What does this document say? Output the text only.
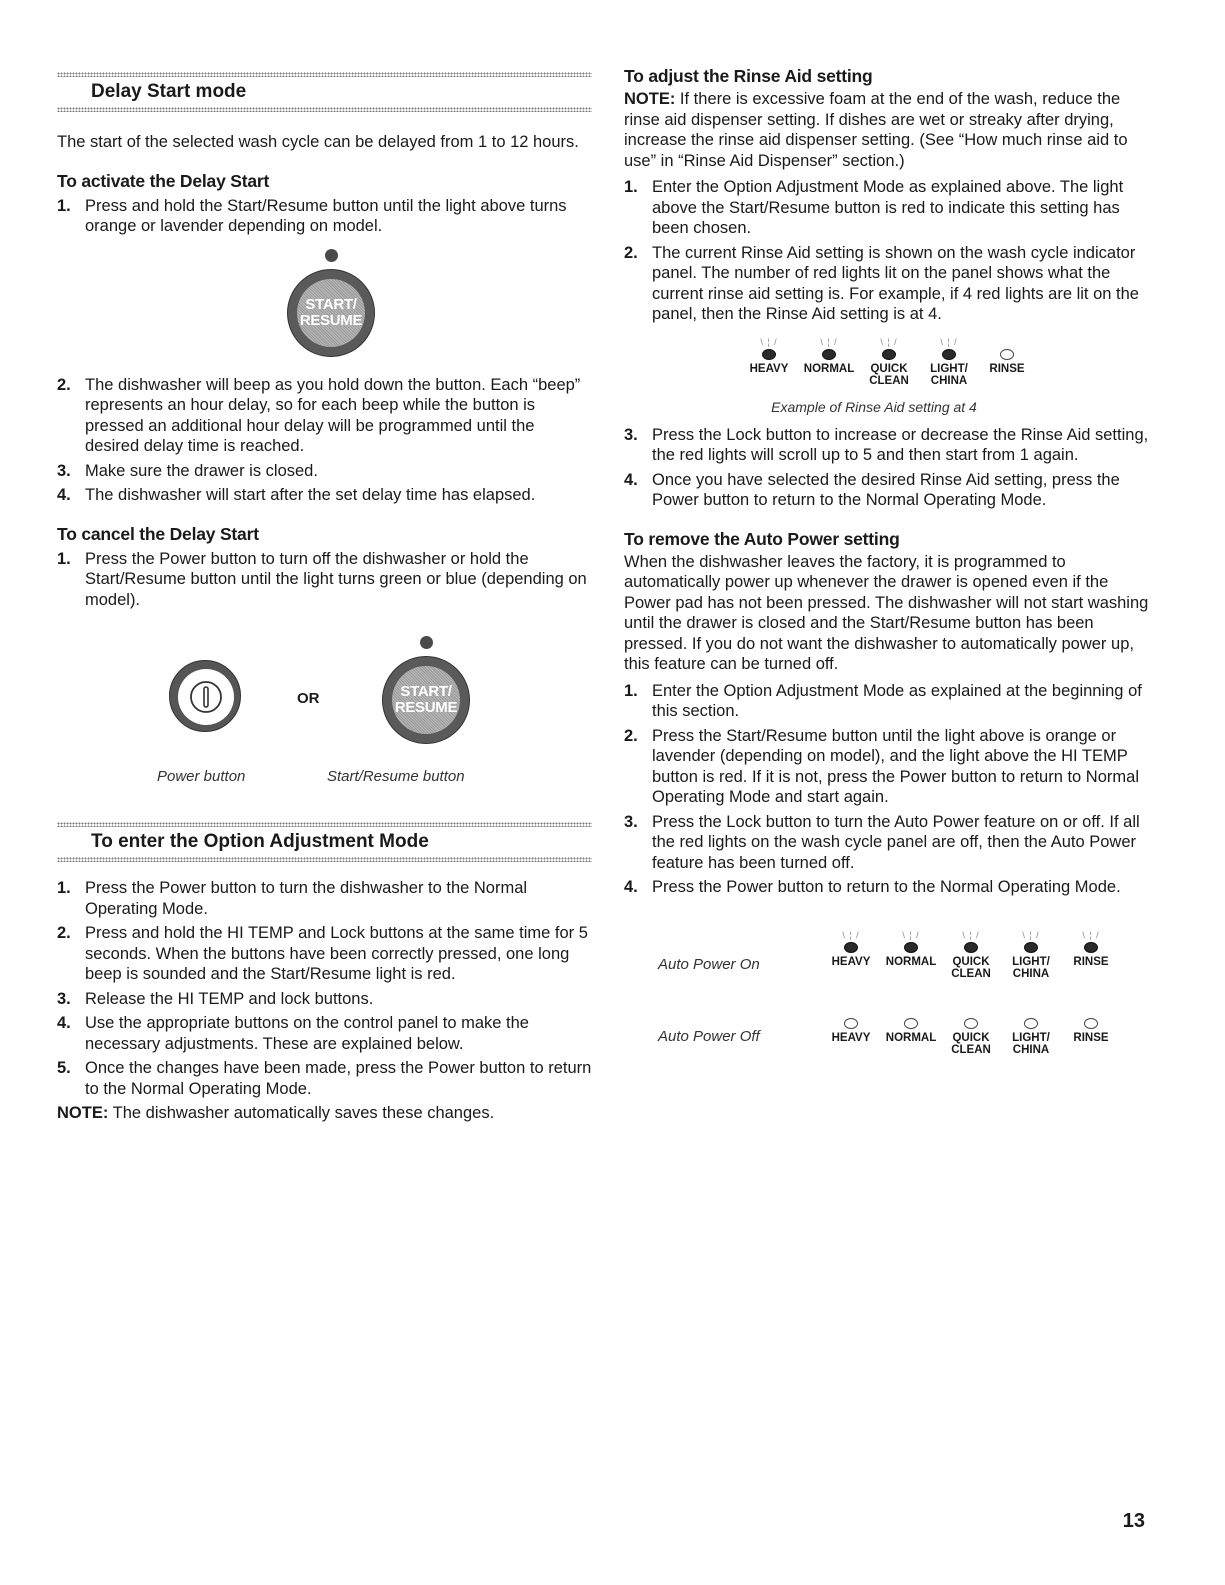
Delay Start mode

The start of the selected wash cycle can be delayed from 1 to 12 hours.

To activate the Delay Start
1. Press and hold the Start/Resume button until the light above turns orange or lavender depending on model.
START/
RESUME
2. The dishwasher will beep as you hold down the button. Each “beep” represents an hour delay, so for each beep while the button is pressed an additional hour delay will be programmed until the desired delay time is reached.
3. Make sure the drawer is closed.
4. The dishwasher will start after the set delay time has elapsed.
To cancel the Delay Start
1. Press the Power button to turn off the dishwasher or hold the Start/Resume button until the light turns green or blue (depending on model).
OR	START/
RESUME
Power button	Start/Resume button
To enter the Option Adjustment Mode
1. Press the Power button to turn the dishwasher to the Normal Operating Mode.
2. Press and hold the HI TEMP and Lock buttons at the same time for 5 seconds. When the buttons have been correctly pressed, one long beep is sounded and the Start/Resume light is red.
3. Release the HI TEMP and lock buttons.
4. Use the appropriate buttons on the control panel to make the necessary adjustments. These are explained below.
5. Once the changes have been made, press the Power button to return to the Normal Operating Mode.

NOTE: The dishwasher automatically saves these changes.

To adjust the Rinse Aid setting

NOTE: If there is excessive foam at the end of the wash, reduce the rinse aid dispenser setting. If dishes are wet or streaky after drying, increase the rinse aid dispenser setting. (See “How much rinse aid to use” in “Rinse Aid Dispenser” section.)

1. Enter the Option Adjustment Mode as explained above. The light above the Start/Resume button is red to indicate this setting has been chosen.
2. The current Rinse Aid setting is shown on the wash cycle indicator panel. The number of red lights lit on the panel shows what the current rinse aid setting is. For example, if 4 red lights are lit on the panel, then the Rinse Aid setting is at 4.
\ ¦ /
HEAVY
\ ¦ /
NORMAL
\ ¦ /
QUICK
CLEAN
\ ¦ /
LIGHT/
CHINA

RINSE
Example of Rinse Aid setting at 4
3. Press the Lock button to increase or decrease the Rinse Aid setting, the red lights will scroll up to 5 and then start from 1 again.
4. Once you have selected the desired Rinse Aid setting, press the Power button to return to the Normal Operating Mode.
To remove the Auto Power setting

When the dishwasher leaves the factory, it is programmed to automatically power up whenever the drawer is opened even if the Power pad has not been pressed. The dishwasher will not start washing until the drawer is closed and the Start/Resume button has been pressed. If you do not want the dishwasher to automatically power up, this feature can be turned off.

1. Enter the Option Adjustment Mode as explained at the beginning of this section.
2. Press the Start/Resume button until the light above is orange or lavender (depending on model), and the light above the HI TEMP button is red. If it is not, press the Power button to return to Normal Operating Mode and start again.
3. Press the Lock button to turn the Auto Power feature on or off. If all the red lights on the wash cycle panel are off, then the Auto Power feature has been turned off.
4. Press the Power button to return to the Normal Operating Mode.
Auto Power On
\ ¦ /
HEAVY
\ ¦ /
NORMAL
\ ¦ /
QUICK
CLEAN
\ ¦ /
LIGHT/
CHINA
\ ¦ /
RINSE
Auto Power Off
	HEAVY
	NORMAL
	QUICK
CLEAN

LIGHT/
CHINA

RINSE
13
